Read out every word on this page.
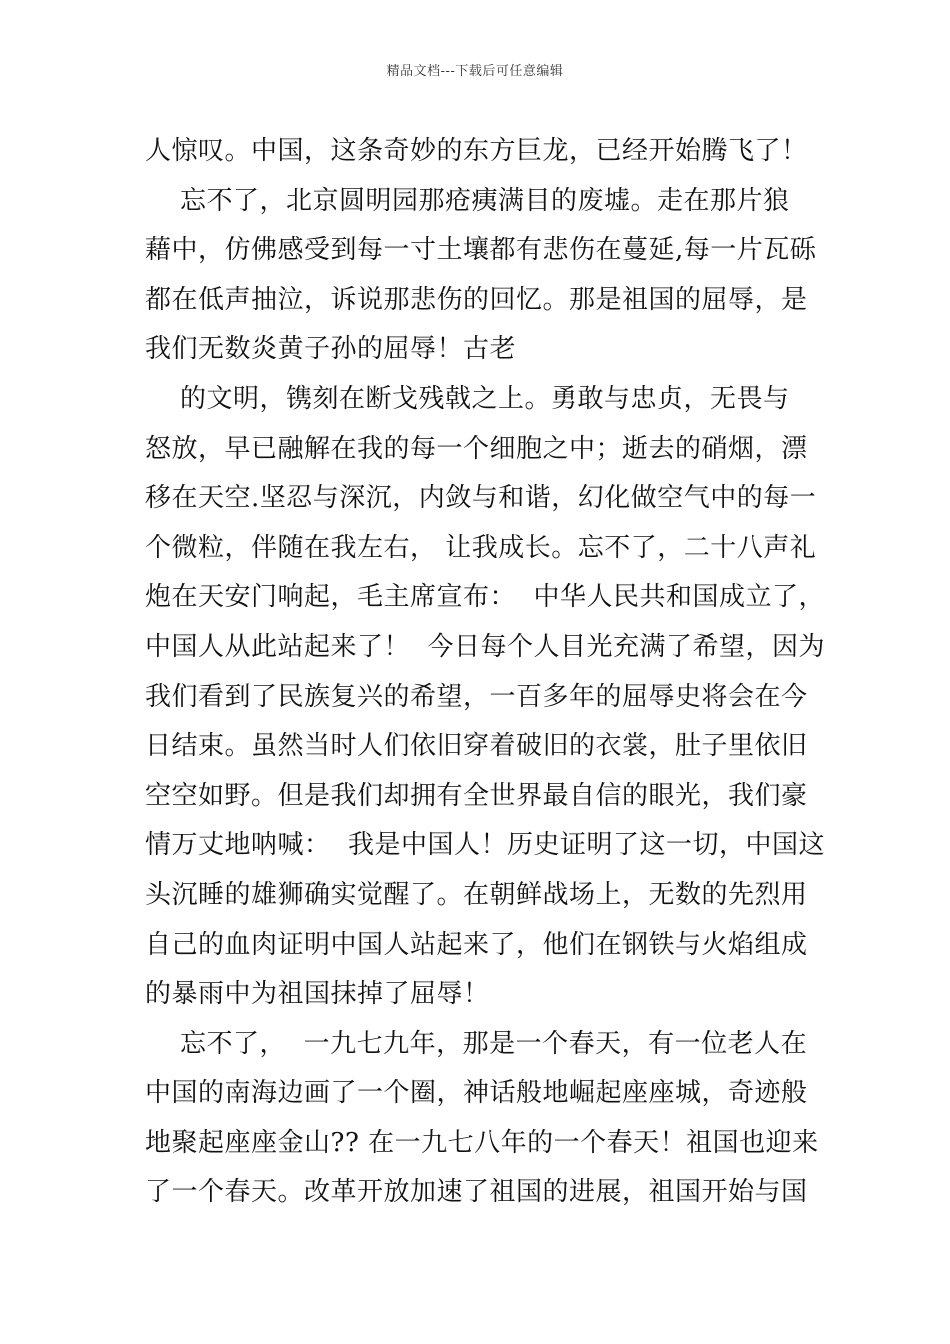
精品文档---下载后可任意编辑
人惊叹。中国，这条奇妙的东方巨龙，已经开始腾飞了！
忘不了，北京圆明园那疮痍满目的废墟。走在那片狼
藉中，仿佛感受到每一寸土壤都有悲伤在蔓延,每一片瓦砾
都在低声抽泣，诉说那悲伤的回忆。那是祖国的屈辱，是
我们无数炎黄子孙的屈辱！古老
的文明，镌刻在断戈残戟之上。勇敢与忠贞，无畏与
怒放，早已融解在我的每一个细胞之中；逝去的硝烟，漂
移在天空.坚忍与深沉，内敛与和谐，幻化做空气中的每一
个微粒，伴随在我左右， 让我成长。忘不了，二十八声礼
炮在天安门响起，毛主席宣布：  中华人民共和国成立了，
中国人从此站起来了！  今日每个人目光充满了希望，因为
我们看到了民族复兴的希望，一百多年的屈辱史将会在今
日结束。虽然当时人们依旧穿着破旧的衣裳，肚子里依旧
空空如野。但是我们却拥有全世界最自信的眼光，我们豪
情万丈地呐喊：  我是中国人！历史证明了这一切，中国这
头沉睡的雄狮确实觉醒了。在朝鲜战场上，无数的先烈用
自己的血肉证明中国人站起来了，他们在钢铁与火焰组成
的暴雨中为祖国抹掉了屈辱！
忘不了，  一九七九年，那是一个春天，有一位老人在
中国的南海边画了一个圈，神话般地崛起座座城，奇迹般
地聚起座座金山?? 在一九七八年的一个春天！祖国也迎来
了一个春天。改革开放加速了祖国的进展，祖国开始与国
